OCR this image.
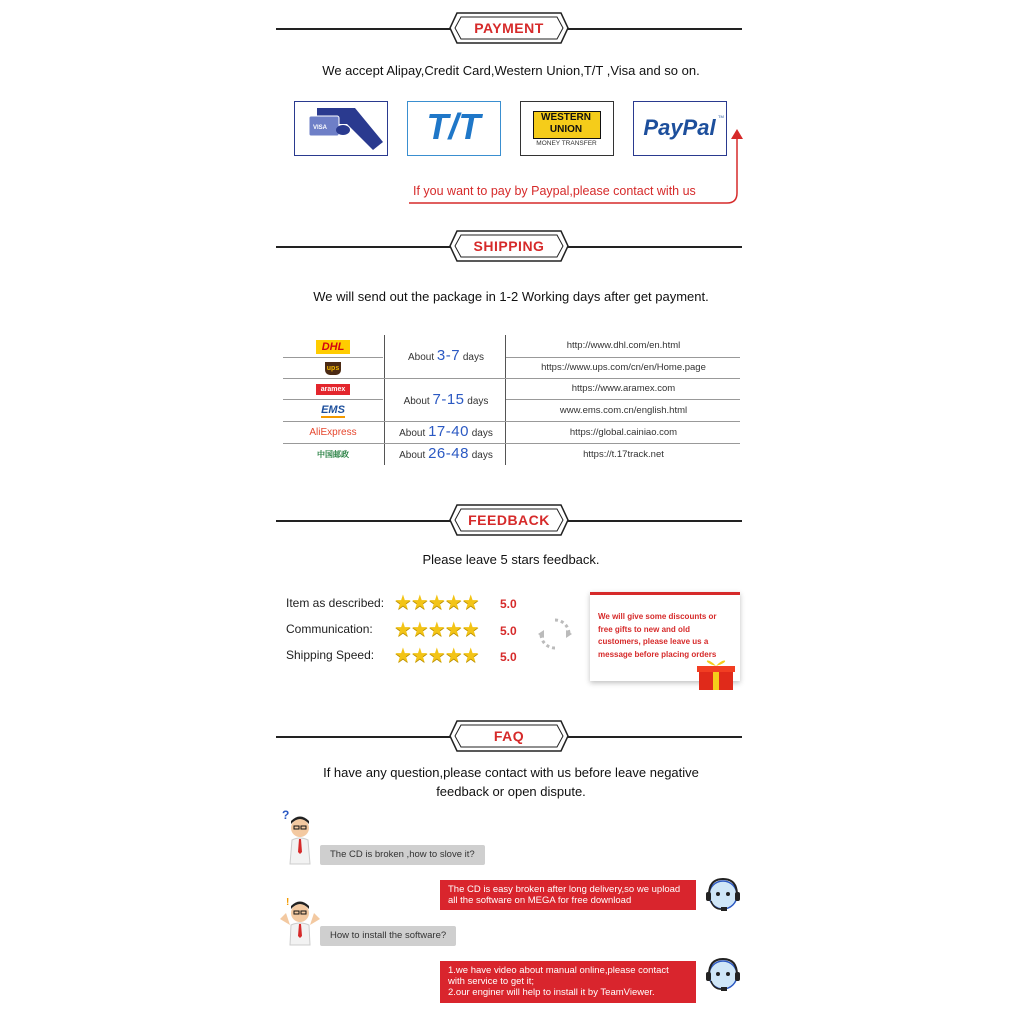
PAYMENT
We accept Alipay,Credit Card,Western Union,T/T ,Visa and so on.
VISA	T/T	WESTERN
UNION
MONEY TRANSFER
PayPal TM
If you want to pay by Paypal,please contact with us
SHIPPING
We will send out the package in 1-2 Working days after get payment.
DHL
ups
aramex
EMS
AliExpress
中国邮政
About 3-7 days
About 7-15 days
About 17-40 days
About 26-48 days
http://www.dhl.com/en.html
https://www.ups.com/cn/en/Home.page
https://www.aramex.com
www.ems.com.cn/english.html
https://global.cainiao.com
https://t.17track.net
FEEDBACK
Please leave 5 stars feedback.
Item as described: ★★★★★ 5.0
Communication: ★★★★★ 5.0
Shipping Speed: ★★★★★ 5.0
We will give some discounts or free gifts to new and old customers, please leave us a message before placing orders
FAQ
If have any question,please contact with us before leave negative
feedback or open dispute.
?
The CD is broken ,how to slove it?
The CD is easy broken after long delivery,so we upload
all the software on MEGA for free download
!
How to install the software?
1.we have video about manual online,please contact
with service to get it;
2.our enginer will help to install it by TeamViewer.
